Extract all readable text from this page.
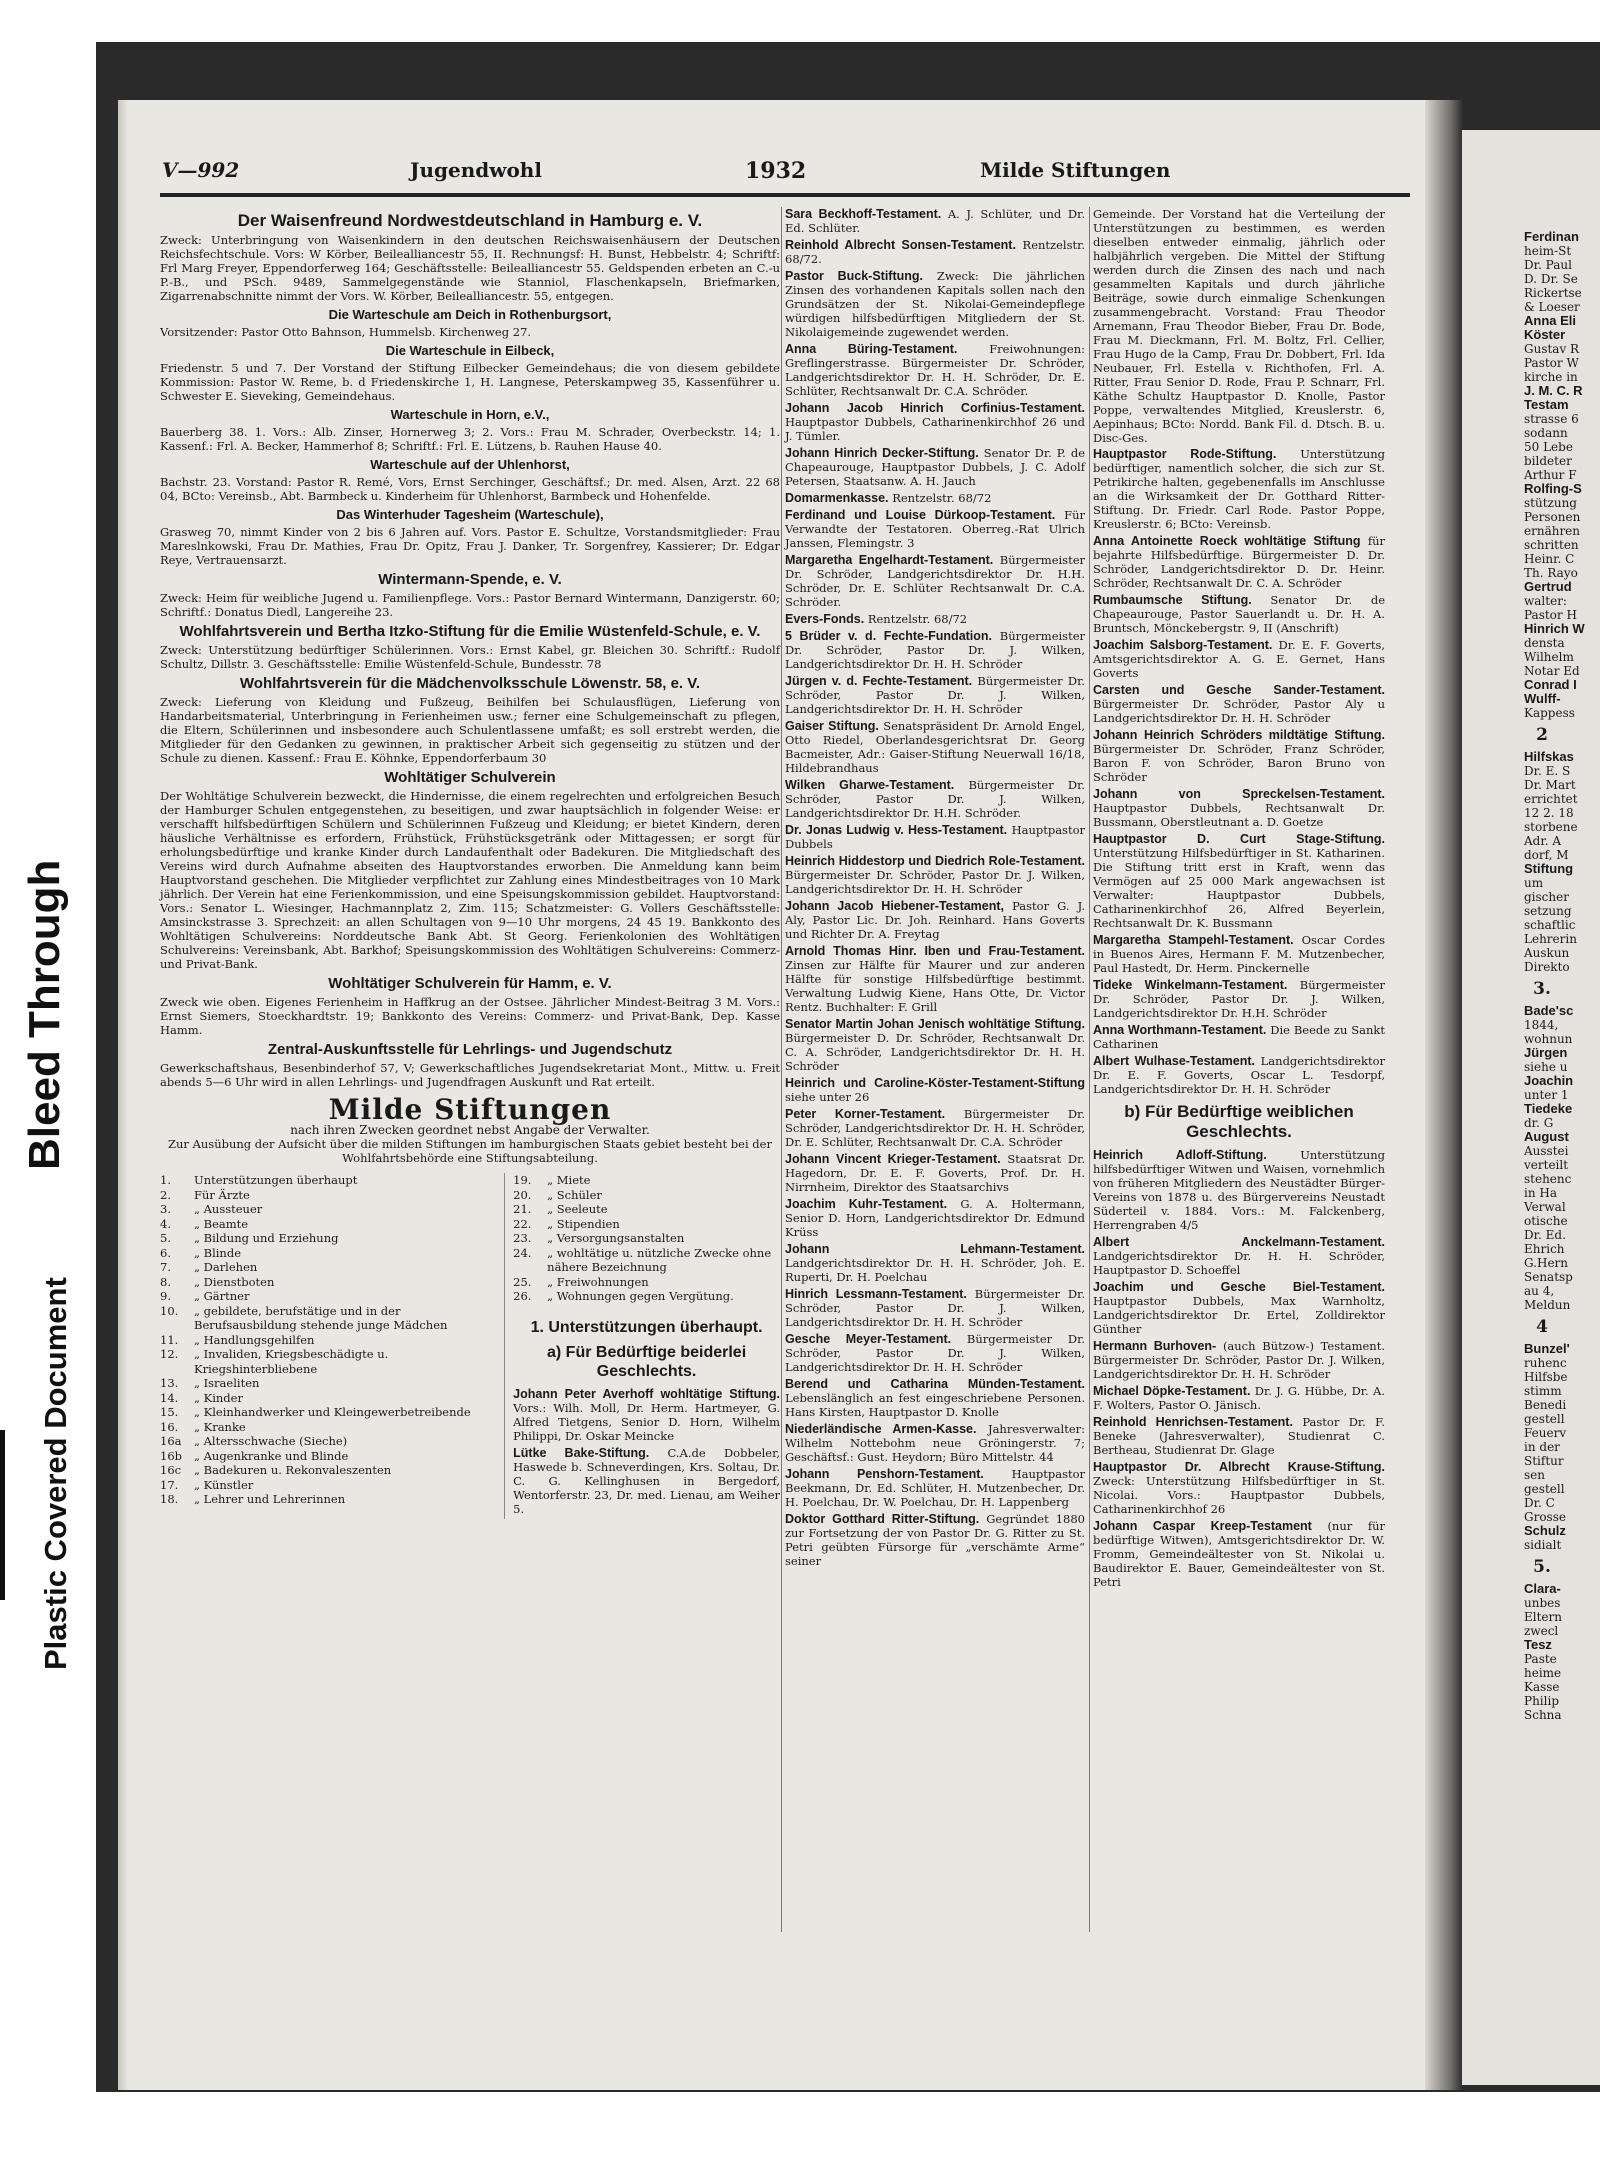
Bleed Through
Plastic Covered Document
Ferdinan
heim-St
Dr. Paul
D. Dr. Se
Rickertse
& Loeser
Anna Eli
Köster
Gustav R
Pastor W
kirche in
J. M. C. R
Testam
strasse 6
sodann
50 Lebe
bildeter
Arthur F
Rolfing-S
stützung
Personen
ernähren
schritten
Heinr. C
Th. Rayo
Gertrud
walter:
Pastor H
Hinrich W
densta
Wilhelm
Notar Ed
Conrad I
Wulff-
Kappess
2
Hilfskas
Dr. E. S
Dr. Mart
errichtet
12 2. 18
storbene
Adr. A
dorf, M
Stiftung
um
gischer
setzung
schaftlic
Lehrerin
Auskun
Direkto
3.
Bade'sc
1844,
wohnun
Jürgen
siehe u
Joachin
unter 1
Tiedeke
dr. G
August
Ausstei
verteilt
stehenc
in Ha
Verwal
otische
Dr. Ed.
Ehrich
G.Hern
Senatsp
au 4,
Meldun
4
Bunzel'
ruhenc
Hilfsbe
stimm
Benedi
gestell
Feuerv
in der
Stiftur
sen
gestell
Dr. C
Grosse
Schulz
sidialt
5.
Clara-
unbes
Eltern
zwecl
Tesz
Paste
heime
Kasse
Philip
Schna
V—992	Jugendwohl	1932	Milde Stiftungen
Der Waisenfreund Nordwestdeutschland in Hamburg e. V.

Zweck: Unterbringung von Waisenkindern in den deutschen Reichswaisenhäusern der Deutschen Reichsfechtschule. Vors: W Körber, Beilealliancestr 55, II. Rechnungsf: H. Bunst, Hebbelstr. 4; Schriftf: Frl Marg Freyer, Eppendorferweg 164; Geschäftsstelle: Beilealliancestr 55. Geldspenden erbeten an C.-u P.-B., und PSch. 9489, Sammelgegenstände wie Stanniol, Flaschenkapseln, Briefmarken, Zigarrenabschnitte nimmt der Vors. W. Körber, Beilealliancestr. 55, entgegen.

Die Warteschule am Deich in Rothenburgsort,

Vorsitzender: Pastor Otto Bahnson, Hummelsb. Kirchenweg 27.

Die Warteschule in Eilbeck,

Friedenstr. 5 und 7. Der Vorstand der Stiftung Eilbecker Gemeindehaus; die von diesem gebildete Kommission: Pastor W. Reme, b. d Friedenskirche 1, H. Langnese, Peterskampweg 35, Kassenführer u. Schwester E. Sieveking, Gemeindehaus.

Warteschule in Horn, e.V.,

Bauerberg 38. 1. Vors.: Alb. Zinser, Hornerweg 3; 2. Vors.: Frau M. Schrader, Overbeckstr. 14; 1. Kassenf.: Frl. A. Becker, Hammerhof 8; Schriftf.: Frl. E. Lützens, b. Rauhen Hause 40.

Warteschule auf der Uhlenhorst,

Bachstr. 23. Vorstand: Pastor R. Remé, Vors, Ernst Serchinger, Geschäftsf.; Dr. med. Alsen, Arzt. 22 68 04, BCto: Vereinsb., Abt. Barmbeck u. Kinderheim für Uhlenhorst, Barmbeck und Hohenfelde.

Das Winterhuder Tagesheim (Warteschule),

Grasweg 70, nimmt Kinder von 2 bis 6 Jahren auf. Vors. Pastor E. Schultze, Vorstandsmitglieder: Frau Mareslnkowski, Frau Dr. Mathies, Frau Dr. Opitz, Frau J. Danker, Tr. Sorgenfrey, Kassierer; Dr. Edgar Reye, Vertrauensarzt.

Wintermann-Spende, e. V.

Zweck: Heim für weibliche Jugend u. Familienpflege. Vors.: Pastor Bernard Wintermann, Danzigerstr. 60; Schriftf.: Donatus Diedl, Langereihe 23.

Wohlfahrtsverein und Bertha Itzko-Stiftung für die Emilie Wüstenfeld-Schule, e. V.

Zweck: Unterstützung bedürftiger Schülerinnen. Vors.: Ernst Kabel, gr. Bleichen 30. Schriftf.: Rudolf Schultz, Dillstr. 3. Geschäftsstelle: Emilie Wüstenfeld-Schule, Bundesstr. 78

Wohlfahrtsverein für die Mädchenvolksschule Löwenstr. 58, e. V.

Zweck: Lieferung von Kleidung und Fußzeug, Beihilfen bei Schulausflügen, Lieferung von Handarbeitsmaterial, Unterbringung in Ferienheimen usw.; ferner eine Schulgemeinschaft zu pflegen, die Eltern, Schülerinnen und insbesondere auch Schulentlassene umfaßt; es soll erstrebt werden, die Mitglieder für den Gedanken zu gewinnen, in praktischer Arbeit sich gegenseitig zu stützen und der Schule zu dienen. Kassenf.: Frau E. Köhnke, Eppendorferbaum 30

Wohltätiger Schulverein

Der Wohltätige Schulverein bezweckt, die Hindernisse, die einem regelrechten und erfolgreichen Besuch der Hamburger Schulen entgegenstehen, zu beseitigen, und zwar hauptsächlich in folgender Weise: er verschafft hilfsbedürftigen Schülern und Schülerinnen Fußzeug und Kleidung; er bietet Kindern, deren häusliche Verhältnisse es erfordern, Frühstück, Frühstücksgetränk oder Mittagessen; er sorgt für erholungsbedürftige und kranke Kinder durch Landaufenthalt oder Badekuren. Die Mitgliedschaft des Vereins wird durch Aufnahme abseiten des Hauptvorstandes erworben. Die Anmeldung kann beim Hauptvorstand geschehen. Die Mitglieder verpflichtet zur Zahlung eines Mindestbeitrages von 10 Mark jährlich. Der Verein hat eine Ferienkommission, und eine Speisungskommission gebildet. Hauptvorstand: Vors.: Senator L. Wiesinger, Hachmannplatz 2, Zim. 115; Schatzmeister: G. Vollers Geschäftsstelle: Amsinckstrasse 3. Sprechzeit: an allen Schultagen von 9—10 Uhr morgens, 24 45 19. Bankkonto des Wohltätigen Schulvereins: Norddeutsche Bank Abt. St Georg. Ferienkolonien des Wohltätigen Schulvereins: Vereinsbank, Abt. Barkhof; Speisungskommission des Wohltätigen Schulvereins: Commerz- und Privat-Bank.

Wohltätiger Schulverein für Hamm, e. V.

Zweck wie oben. Eigenes Ferienheim in Haffkrug an der Ostsee. Jährlicher Mindest-Beitrag 3 M. Vors.: Ernst Siemers, Stoeckhardtstr. 19; Bankkonto des Vereins: Commerz- und Privat-Bank, Dep. Kasse Hamm.

Zentral-Auskunftsstelle für Lehrlings- und Jugendschutz

Gewerkschaftshaus, Besenbinderhof 57, V; Gewerkschaftliches Jugendsekretariat Mont., Mittw. u. Freit abends 5—6 Uhr wird in allen Lehrlings- und Jugendfragen Auskunft und Rat erteilt.

Milde Stiftungen

nach ihren Zwecken geordnet nebst Angabe der Verwalter.

Zur Ausübung der Aufsicht über die milden Stiftungen im hamburgischen Staats gebiet besteht bei der Wohlfahrtsbehörde eine Stiftungsabteilung.

1.	Unterstützungen überhaupt
2.	Für Ärzte
3.	„ Aussteuer
4.	„ Beamte
5.	„ Bildung und Erziehung
6.	„ Blinde
7.	„ Darlehen
8.	„ Dienstboten
9.	„ Gärtner
10.	„ gebildete, berufstätige und in der Berufsausbildung stehende junge Mädchen
11.	„ Handlungsgehilfen
12.	„ Invaliden, Kriegsbeschädigte u. Kriegshinterbliebene
13.	„ Israeliten
14.	„ Kinder
15.	„ Kleinhandwerker und Kleingewerbetreibende
16.	„ Kranke
16a	„ Altersschwache (Sieche)
16b	„ Augenkranke und Blinde
16c	„ Badekuren u. Rekonvaleszenten
17.	„ Künstler
18.	„ Lehrer und Lehrerinnen
19.	„ Miete
20.	„ Schüler
21.	„ Seeleute
22.	„ Stipendien
23.	„ Versorgungsanstalten
24.	„ wohltätige u. nützliche Zwecke ohne nähere Bezeichnung
25.	„ Freiwohnungen
26.	„ Wohnungen gegen Vergütung.
1. Unterstützungen überhaupt.
a) Für Bedürftige beiderlei Geschlechts.

Johann Peter Averhoff wohltätige Stiftung. Vors.: Wilh. Moll, Dr. Herm. Hartmeyer, G. Alfred Tietgens, Senior D. Horn, Wilhelm Philippi, Dr. Oskar Meincke

Lütke Bake-Stiftung. C.A.de Dobbeler, Haswede b. Schneverdingen, Krs. Soltau, Dr. C. G. Kellinghusen in Bergedorf, Wentorferstr. 23, Dr. med. Lienau, am Weiher 5.

Sara Beckhoff-Testament. A. J. Schlüter, und Dr. Ed. Schlüter.

Reinhold Albrecht Sonsen-Testament. Rentzelstr. 68/72.

Pastor Buck-Stiftung. Zweck: Die jährlichen Zinsen des vorhandenen Kapitals sollen nach den Grundsätzen der St. Nikolai-Gemeindepflege würdigen hilfsbedürftigen Mitgliedern der St. Nikolaigemeinde zugewendet werden.

Anna Büring-Testament.	Freiwohnungen: Greflingerstrasse. Bürgermeister Dr. Schröder, Landgerichtsdirektor Dr. H. H. Schröder, Dr. E. Schlüter, Rechtsanwalt Dr. C.A. Schröder.

Johann Jacob Hinrich Corfinius-Testament. Hauptpastor Dubbels, Catharinenkirchhof 26 und J. Tümler.

Johann Hinrich Decker-Stiftung. Senator Dr. P. de Chapeaurouge, Hauptpastor Dubbels, J. C. Adolf Petersen, Staatsanw. A. H. Jauch

Domarmenkasse. Rentzelstr. 68/72

Ferdinand und Louise Dürkoop-Testament. Für Verwandte der Testatoren. Oberreg.-Rat Ulrich Janssen, Flemingstr. 3

Margaretha Engelhardt-Testament. Bürgermeister Dr. Schröder, Landgerichtsdirektor Dr. H.H. Schröder, Dr. E. Schlüter Rechtsanwalt Dr. C.A. Schröder.

Evers-Fonds. Rentzelstr. 68/72

5 Brüder v. d. Fechte-Fundation. Bürgermeister Dr. Schröder, Pastor Dr. J. Wilken, Landgerichtsdirektor Dr. H. H. Schröder

Jürgen v. d. Fechte-Testament. Bürgermeister Dr. Schröder, Pastor Dr. J. Wilken, Landgerichtsdirektor Dr. H. H. Schröder

Gaiser Stiftung. Senatspräsident Dr. Arnold Engel, Otto Riedel, Oberlandesgerichtsrat Dr. Georg Bacmeister, Adr.: Gaiser-Stiftung Neuerwall 16/18, Hildebrandhaus

Wilken Gharwe-Testament. Bürgermeister Dr. Schröder, Pastor Dr. J. Wilken, Landgerichtsdirektor Dr. H.H. Schröder.

Dr. Jonas Ludwig v. Hess-Testament. Hauptpastor Dubbels

Heinrich Hiddestorp und Diedrich Role-Testament. Bürgermeister Dr. Schröder, Pastor Dr. J. Wilken, Landgerichtsdirektor Dr. H. H. Schröder

Johann Jacob Hiebener-Testament, Pastor G. J. Aly, Pastor Lic. Dr. Joh. Reinhard. Hans Goverts und Richter Dr. A. Freytag

Arnold Thomas Hinr. Iben und Frau-Testament. Zinsen zur Hälfte für Maurer und zur anderen Hälfte für sonstige Hilfsbedürftige bestimmt. Verwaltung Ludwig Kiene, Hans Otte, Dr. Victor Rentz. Buchhalter: F. Grill

Senator Martin Johan Jenisch wohltätige Stiftung. Bürgermeister D. Dr. Schröder, Rechtsanwalt Dr. C. A. Schröder, Landgerichtsdirektor Dr. H. H. Schröder

Heinrich und Caroline-Köster-Testament-Stiftung siehe unter 26

Peter Korner-Testament. Bürgermeister Dr. Schröder, Landgerichtsdirektor Dr. H. H. Schröder, Dr. E. Schlüter, Rechtsanwalt Dr. C.A. Schröder

Johann Vincent Krieger-Testament. Staatsrat Dr. Hagedorn, Dr. E. F. Goverts, Prof. Dr. H. Nirrnheim, Direktor des Staatsarchivs

Joachim Kuhr-Testament. G. A. Holtermann, Senior D. Horn, Landgerichtsdirektor Dr. Edmund Krüss

Johann Lehmann-Testament. Landgerichtsdirektor Dr. H. H. Schröder, Joh. E. Ruperti, Dr. H. Poelchau

Hinrich Lessmann-Testament. Bürgermeister Dr. Schröder, Pastor Dr. J. Wilken, Landgerichtsdirektor Dr. H. H. Schröder

Gesche Meyer-Testament. Bürgermeister Dr. Schröder, Pastor Dr. J. Wilken, Landgerichtsdirektor Dr. H. H. Schröder

Berend und Catharina Münden-Testament. Lebenslänglich an fest eingeschriebene Personen. Hans Kirsten, Hauptpastor D. Knolle

Niederländische Armen-Kasse. Jahresverwalter: Wilhelm Nottebohm neue Gröningerstr. 7; Geschäftsf.: Gust. Heydorn; Büro Mittelstr. 44

Johann Penshorn-Testament. Hauptpastor Beekmann, Dr. Ed. Schlüter, H. Mutzenbecher, Dr. H. Poelchau, Dr. W. Poelchau, Dr. H. Lappenberg

Doktor Gotthard Ritter-Stiftung. Gegründet 1880 zur Fortsetzung der von Pastor Dr. G. Ritter zu St. Petri geübten Fürsorge für „verschämte Arme“ seiner

Gemeinde. Der Vorstand hat die Verteilung der Unterstützungen zu bestimmen, es werden dieselben entweder einmalig, jährlich oder halbjährlich vergeben. Die Mittel der Stiftung werden durch die Zinsen des nach und nach gesammelten Kapitals und durch jährliche Beiträge, sowie durch einmalige Schenkungen zusammengebracht. Vorstand: Frau Theodor Arnemann, Frau Theodor Bieber, Frau Dr. Bode, Frau M. Dieckmann, Frl. M. Boltz, Frl. Cellier, Frau Hugo de la Camp, Frau Dr. Dobbert, Frl. Ida Neubauer, Frl. Estella v. Richthofen, Frl. A. Ritter, Frau Senior D. Rode, Frau P. Schnarr, Frl. Käthe Schultz Hauptpastor D. Knolle, Pastor Poppe, verwaltendes Mitglied, Kreuslerstr. 6, Aepinhaus; BCto: Nordd. Bank Fil. d. Dtsch. B. u. Disc-Ges.

Hauptpastor Rode-Stiftung. Unterstützung bedürftiger, namentlich solcher, die sich zur St. Petrikirche halten, gegebenenfalls im Anschlusse an die Wirksamkeit der Dr. Gotthard Ritter-Stiftung. Dr. Friedr. Carl Rode. Pastor Poppe, Kreuslerstr. 6; BCto: Vereinsb.

Anna Antoinette Roeck wohltätige Stiftung für bejahrte Hilfsbedürftige. Bürgermeister D. Dr. Schröder, Landgerichtsdirektor D. Dr. Heinr. Schröder, Rechtsanwalt Dr. C. A. Schröder

Rumbaumsche Stiftung. Senator Dr. de Chapeaurouge, Pastor Sauerlandt u. Dr. H. A. Bruntsch, Mönckebergstr. 9, II (Anschrift)

Joachim Salsborg-Testament. Dr. E. F. Goverts, Amtsgerichtsdirektor A. G. E. Gernet, Hans Goverts

Carsten und Gesche Sander-Testament. Bürgermeister Dr. Schröder, Pastor Aly u Landgerichtsdirektor Dr. H. H. Schröder

Johann Heinrich Schröders mildtätige Stiftung. Bürgermeister Dr. Schröder, Franz Schröder, Baron F. von Schröder, Baron Bruno von Schröder

Johann von Spreckelsen-Testament. Hauptpastor Dubbels, Rechtsanwalt Dr. Bussmann, Oberstleutnant a. D. Goetze

Hauptpastor D. Curt Stage-Stiftung. Unterstützung Hilfsbedürftiger in St. Katharinen. Die Stiftung tritt erst in Kraft, wenn das Vermögen auf 25 000 Mark angewachsen ist Verwalter: Hauptpastor Dubbels, Catharinenkirchhof 26, Alfred Beyerlein, Rechtsanwalt Dr. K. Bussmann

Margaretha Stampehl-Testament. Oscar Cordes in Buenos Aires, Hermann F. M. Mutzenbecher, Paul Hastedt, Dr. Herm. Pinckernelle

Tideke Winkelmann-Testament. Bürgermeister Dr. Schröder, Pastor Dr. J. Wilken, Landgerichtsdirektor Dr. H.H. Schröder

Anna Worthmann-Testament. Die Beede zu Sankt Catharinen

Albert Wulhase-Testament. Landgerichtsdirektor Dr. E. F. Goverts, Oscar L. Tesdorpf, Landgerichtsdirektor Dr. H. H. Schröder

b) Für Bedürftige weiblichen Geschlechts.

Heinrich Adloff-Stiftung.	Unterstützung hilfsbedürftiger Witwen und Waisen, vornehmlich von früheren Mitgliedern des Neustädter Bürger-Vereins von 1878 u. des Bürgervereins Neustadt Süderteil v. 1884. Vors.: M. Falckenberg, Herrengraben 4/5

Albert Anckelmann-Testament. Landgerichtsdirektor Dr. H. H. Schröder, Hauptpastor D. Schoeffel

Joachim und Gesche Biel-Testament. Hauptpastor Dubbels, Max Warnholtz, Landgerichtsdirektor Dr. Ertel, Zolldirektor Günther

Hermann Burhoven- (auch Bützow-) Testament. Bürgermeister Dr. Schröder, Pastor Dr. J. Wilken, Landgerichtsdirektor Dr. H. H. Schröder

Michael Döpke-Testament. Dr. J. G. Hübbe, Dr. A. F. Wolters, Pastor O. Jänisch.

Reinhold Henrichsen-Testament. Pastor Dr. F. Beneke (Jahresverwalter), Studienrat C. Bertheau, Studienrat Dr. Glage

Hauptpastor Dr. Albrecht Krause-Stiftung. Zweck: Unterstützung Hilfsbedürftiger in St. Nicolai. Vors.: Hauptpastor Dubbels, Catharinenkirchhof 26

Johann Caspar Kreep-Testament (nur für bedürftige Witwen), Amtsgerichtsdirektor Dr. W. Fromm, Gemeindeältester von St. Nikolai u. Baudirektor E. Bauer, Gemeindeältester von St. Petri
